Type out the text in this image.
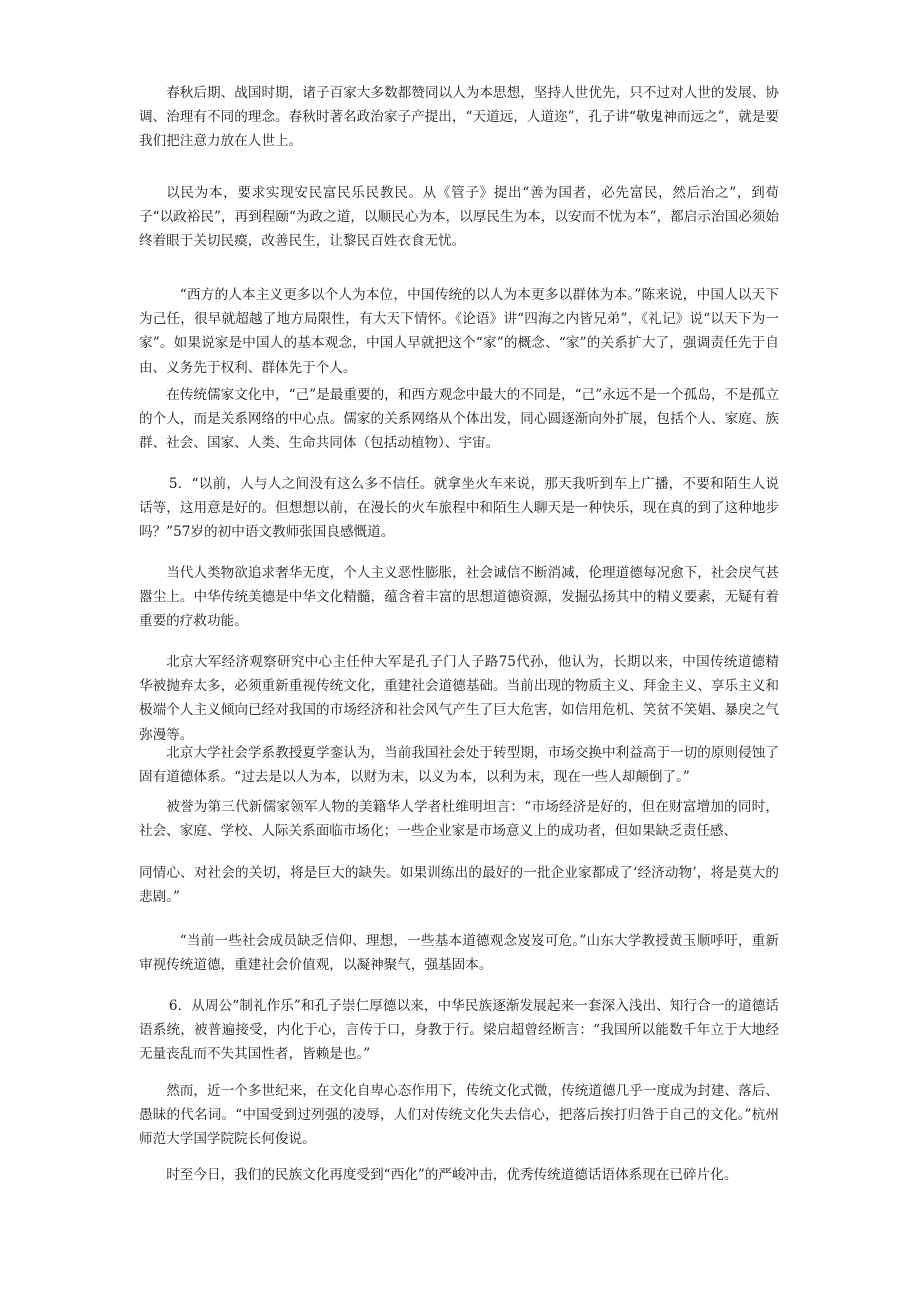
春秋后期、战国时期，诸子百家大多数都赞同以人为本思想，坚持人世优先，只不过对人世的发展、协调、治理有不同的理念。春秋时著名政治家子产提出，“天道远，人道迩”，孔子讲“敬鬼神而远之”，就是要我们把注意力放在人世上。

以民为本，要求实现安民富民乐民教民。从《管子》提出“善为国者，必先富民，然后治之”，到荀子“以政裕民”，再到程颐“为政之道，以顺民心为本，以厚民生为本，以安而不忧为本”，都启示治国必须始终着眼于关切民瘼，改善民生，让黎民百姓衣食无忧。

“西方的人本主义更多以个人为本位，中国传统的以人为本更多以群体为本。”陈来说，中国人以天下为己任，很早就超越了地方局限性，有大天下情怀。《论语》讲“四海之内皆兄弟”，《礼记》说“以天下为一家”。如果说家是中国人的基本观念，中国人早就把这个“家”的概念、“家”的关系扩大了，强调责任先于自由、义务先于权利、群体先于个人。

在传统儒家文化中，“己”是最重要的，和西方观念中最大的不同是，“己”永远不是一个孤岛，不是孤立的个人，而是关系网络的中心点。儒家的关系网络从个体出发，同心圆逐渐向外扩展，包括个人、家庭、族群、社会、国家、人类、生命共同体（包括动植物）、宇宙。

5．“以前，人与人之间没有这么多不信任。就拿坐火车来说，那天我听到车上广播，不要和陌生人说话等，这用意是好的。但想想以前，在漫长的火车旅程中和陌生人聊天是一种快乐，现在真的到了这种地步吗？”57岁的初中语文教师张国良感慨道。

当代人类物欲追求奢华无度，个人主义恶性膨胀，社会诚信不断消减，伦理道德每况愈下，社会戾气甚嚣尘上。中华传统美德是中华文化精髓，蕴含着丰富的思想道德资源，发掘弘扬其中的精义要素，无疑有着重要的疗救功能。

北京大军经济观察研究中心主任仲大军是孔子门人子路75代孙，他认为，长期以来，中国传统道德精华被抛弃太多，必须重新重视传统文化，重建社会道德基础。当前出现的物质主义、拜金主义、享乐主义和极端个人主义倾向已经对我国的市场经济和社会风气产生了巨大危害，如信用危机、笑贫不笑娼、暴戾之气弥漫等。

北京大学社会学系教授夏学銮认为，当前我国社会处于转型期，市场交换中利益高于一切的原则侵蚀了固有道德体系。“过去是以人为本，以财为末，以义为本，以利为末，现在一些人却颠倒了。”

被誉为第三代新儒家领军人物的美籍华人学者杜维明坦言：“市场经济是好的，但在财富增加的同时，社会、家庭、学校、人际关系面临市场化；一些企业家是市场意义上的成功者，但如果缺乏责任感、

同情心、对社会的关切，将是巨大的缺失。如果训练出的最好的一批企业家都成了‘经济动物’，将是莫大的悲剧。”

“当前一些社会成员缺乏信仰、理想，一些基本道德观念岌岌可危。”山东大学教授黄玉顺呼吁，重新审视传统道德，重建社会价值观，以凝神聚气，强基固本。

6．从周公“制礼作乐”和孔子崇仁厚德以来，中华民族逐渐发展起来一套深入浅出、知行合一的道德话语系统，被普遍接受，内化于心，言传于口，身教于行。梁启超曾经断言：“我国所以能数千年立于大地经无量丧乱而不失其国性者，皆赖是也。”

然而，近一个多世纪来，在文化自卑心态作用下，传统文化式微，传统道德几乎一度成为封建、落后、愚昧的代名词。“中国受到过列强的凌辱，人们对传统文化失去信心，把落后挨打归咎于自己的文化。”杭州师范大学国学院院长何俊说。

时至今日，我们的民族文化再度受到“西化”的严峻冲击，优秀传统道德话语体系现在已碎片化。
